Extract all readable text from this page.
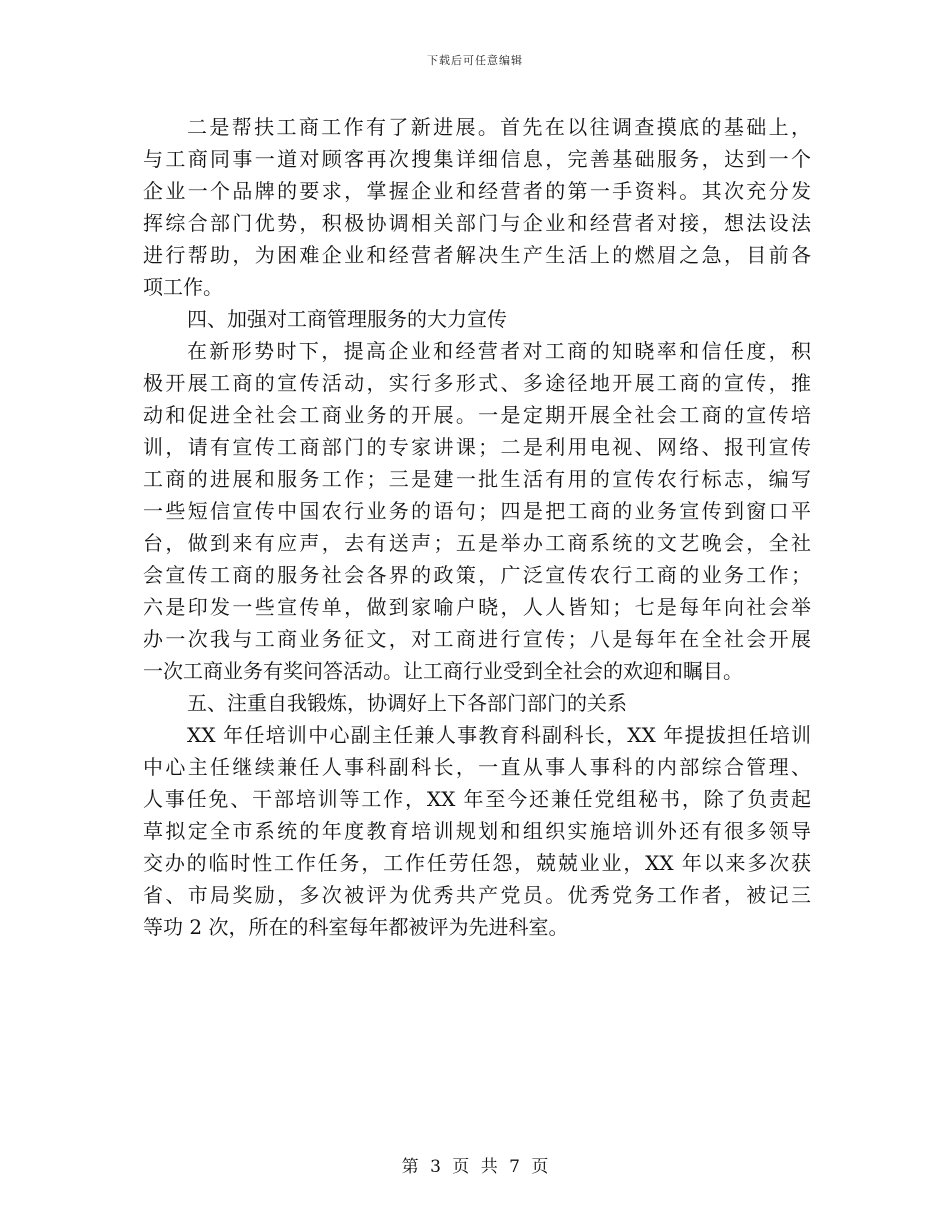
下载后可任意编辑
二是帮扶工商工作有了新进展。首先在以往调查摸底的基础上，
与工商同事一道对顾客再次搜集详细信息，完善基础服务，达到一个
企业一个品牌的要求，掌握企业和经营者的第一手资料。其次充分发
挥综合部门优势，积极协调相关部门与企业和经营者对接，想法设法
进行帮助，为困难企业和经营者解决生产生活上的燃眉之急，目前各
项工作。
四、加强对工商管理服务的大力宣传
在新形势时下，提高企业和经营者对工商的知晓率和信任度，积
极开展工商的宣传活动，实行多形式、多途径地开展工商的宣传，推
动和促进全社会工商业务的开展。一是定期开展全社会工商的宣传培
训，请有宣传工商部门的专家讲课；二是利用电视、网络、报刊宣传
工商的进展和服务工作；三是建一批生活有用的宣传农行标志，编写
一些短信宣传中国农行业务的语句；四是把工商的业务宣传到窗口平
台，做到来有应声，去有送声；五是举办工商系统的文艺晚会，全社
会宣传工商的服务社会各界的政策，广泛宣传农行工商的业务工作；
六是印发一些宣传单，做到家喻户晓，人人皆知；七是每年向社会举
办一次我与工商业务征文，对工商进行宣传；八是每年在全社会开展
一次工商业务有奖问答活动。让工商行业受到全社会的欢迎和瞩目。
五、注重自我锻炼，协调好上下各部门部门的关系
XX 年任培训中心副主任兼人事教育科副科长，XX 年提拔担任培训
中心主任继续兼任人事科副科长，一直从事人事科的内部综合管理、
人事任免、干部培训等工作，XX 年至今还兼任党组秘书，除了负责起
草拟定全市系统的年度教育培训规划和组织实施培训外还有很多领导
交办的临时性工作任务，工作任劳任怨，兢兢业业，XX 年以来多次获
省、市局奖励，多次被评为优秀共产党员。优秀党务工作者，被记三
等功 2 次，所在的科室每年都被评为先进科室。
第 3 页 共 7 页
